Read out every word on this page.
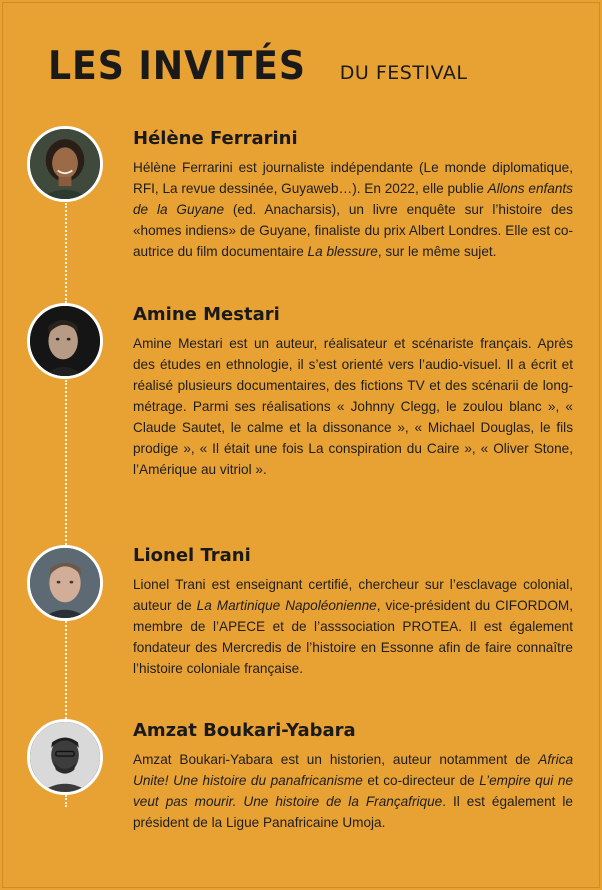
LES INVITÉS DU FESTIVAL
Hélène Ferrarini

Hélène Ferrarini est journaliste indépendante (Le monde diplomatique, RFI, La revue dessinée, Guyaweb…). En 2022, elle publie Allons enfants de la Guyane (ed. Anacharsis), un livre enquête sur l’histoire des «homes indiens» de Guyane, finaliste du prix Albert Londres. Elle est co-autrice du film documentaire La blessure, sur le même sujet.

Amine Mestari

Amine Mestari est un auteur, réalisateur et scénariste français. Après des études en ethnologie, il s’est orienté vers l’audio-visuel. Il a écrit et réalisé plusieurs documentaires, des fictions TV et des scénarii de long-métrage. Parmi ses réalisations « Johnny Clegg, le zoulou blanc », « Claude Sautet, le calme et la dissonance », « Michael Douglas, le fils prodige », « Il était une fois La conspiration du Caire », « Oliver Stone, l’Amérique au vitriol ».

Lionel Trani

Lionel Trani est enseignant certifié, chercheur sur l’esclavage colonial, auteur de La Martinique Napoléonienne, vice-président du CIFORDOM, membre de l’APECE et de l’asssociation PROTEA. Il est également fondateur des Mercredis de l’histoire en Essonne afin de faire connaître l’histoire coloniale française.

Amzat Boukari-Yabara

Amzat Boukari-Yabara est un historien, auteur notamment de Africa Unite! Une histoire du panafricanisme et co-directeur de L’empire qui ne veut pas mourir. Une histoire de la Françafrique. Il est également le président de la Ligue Panafricaine Umoja.
